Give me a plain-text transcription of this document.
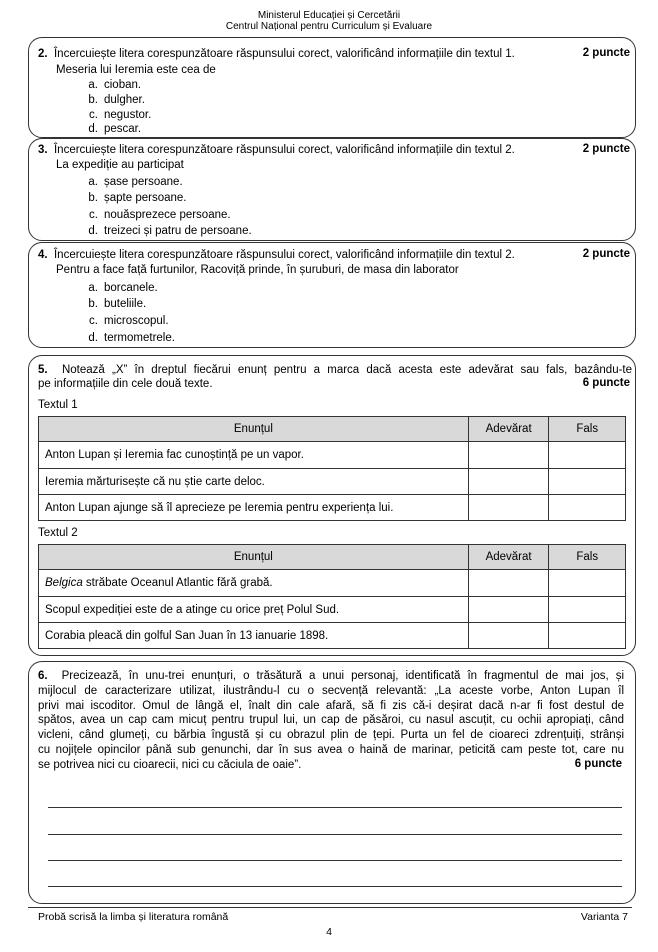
Ministerul Educației și Cercetării
Centrul Național pentru Curriculum și Evaluare
2. Încercuiește litera corespunzătoare răspunsului corect, valorificând informațiile din textul 1.	2 puncte
Meseria lui Ieremia este cea de
a. cioban.
b. dulgher.
c. negustor.
d. pescar.
3. Încercuiește litera corespunzătoare răspunsului corect, valorificând informațiile din textul 2.	2 puncte
La expediție au participat
a. șase persoane.
b. șapte persoane.
c. nouăsprezece persoane.
d. treizeci și patru de persoane.
4. Încercuiește litera corespunzătoare răspunsului corect, valorificând informațiile din textul 2.	2 puncte
Pentru a face față furtunilor, Racoviță prinde, în șuruburi, de masa din laborator
a. borcanele.
b. buteliile.
c. microscopul.
d. termometrele.
5. Notează „X” în dreptul fiecărui enunț pentru a marca dacă acesta este adevărat sau fals, bazându-te
pe informațiile din cele două texte.	6 puncte
Textul 1
Enunțul	Adevărat	Fals
Anton Lupan și Ieremia fac cunoștință pe un vapor.		
Ieremia mărturisește că nu știe carte deloc.		
Anton Lupan ajunge să îl aprecieze pe Ieremia pentru experiența lui.		
Textul 2
Enunțul	Adevărat	Fals
Belgica străbate Oceanul Atlantic fără grabă.		
Scopul expediției este de a atinge cu orice preț Polul Sud.		
Corabia pleacă din golful San Juan în 13 ianuarie 1898.		
6. Precizează, în unu-trei enunțuri, o trăsătură a unui personaj, identificată în fragmentul de mai jos, și
mijlocul de caracterizare utilizat, ilustrându-l cu o secvență relevantă: „La aceste vorbe, Anton Lupan îl
privi mai iscoditor. Omul de lângă el, înalt din cale afară, să fi zis că-i deșirat dacă n-ar fi fost destul de
spătos, avea un cap cam micuț pentru trupul lui, un cap de păsăroi, cu nasul ascuțit, cu ochii apropiați, când
vicleni, când glumeți, cu bărbia îngustă și cu obrazul plin de țepi. Purta un fel de cioareci zdrențuiți, strânși
cu nojițele opincilor până sub genunchi, dar în sus avea o haină de marinar, peticită cam peste tot, care nu
se potrivea nici cu cioarecii, nici cu căciula de oaie”.	6 puncte
Probă scrisă la limba și literatura română	Varianta 7
4
